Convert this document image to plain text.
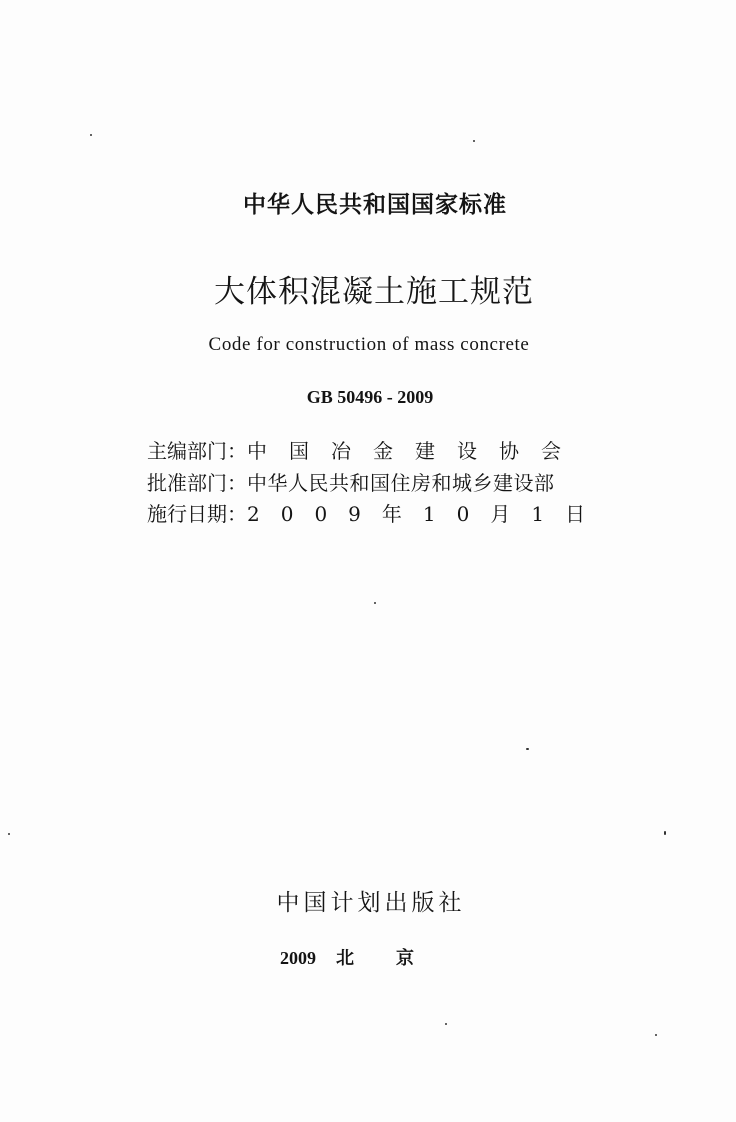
中华人民共和国国家标准
大体积混凝土施工规范
Code for construction of mass concrete
GB 50496 - 2009
主编部门：中国冶金建设协会
批准部门：中华人民共和国住房和城乡建设部
施行日期：2009年10月1日
中国计划出版社
2009 北京
